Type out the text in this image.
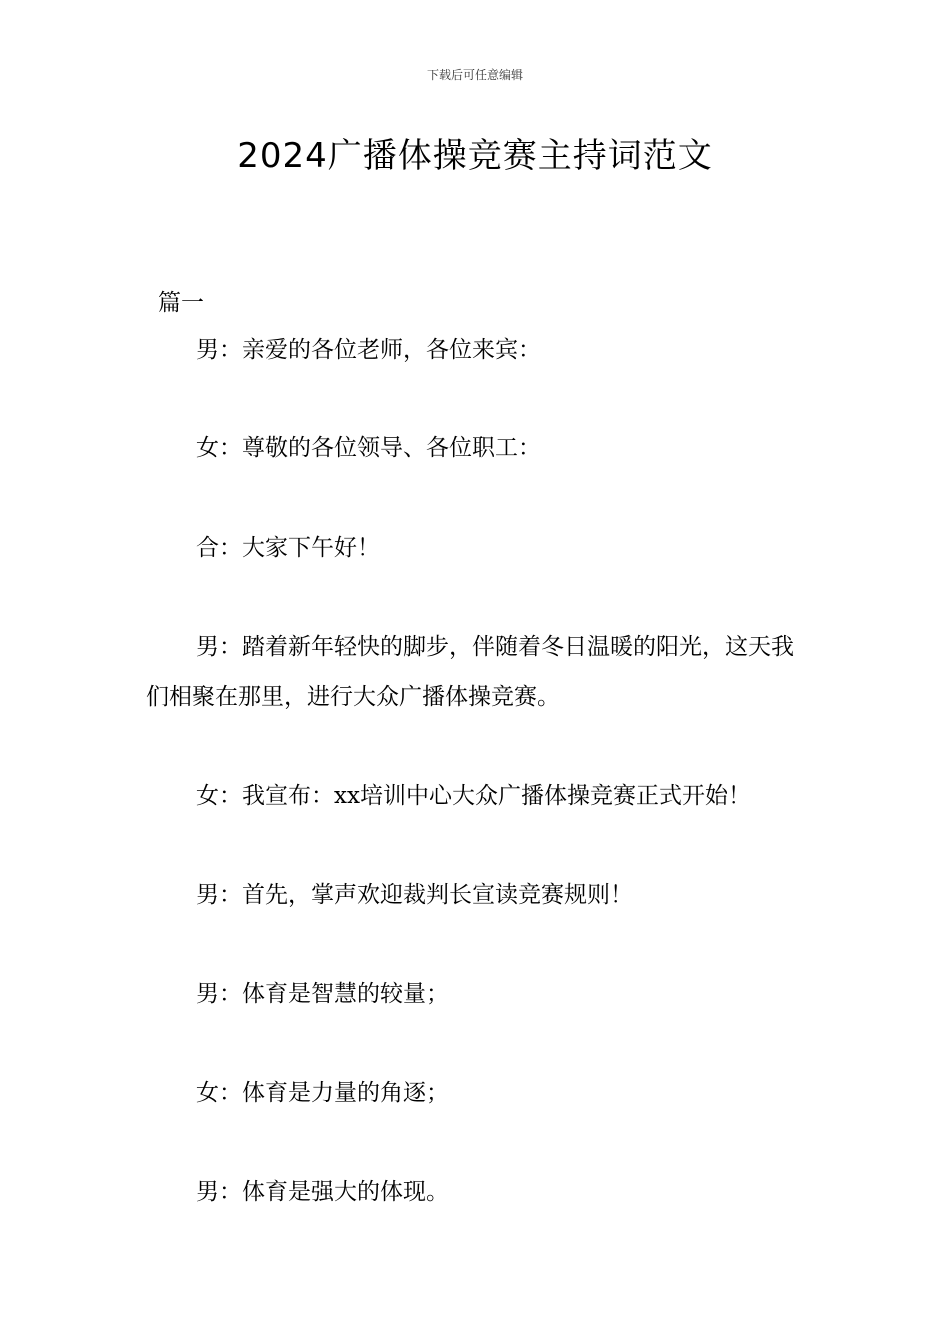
下载后可任意编辑
2024广播体操竞赛主持词范文
篇一

男：亲爱的各位老师，各位来宾：

女：尊敬的各位领导、各位职工：

合：大家下午好！

男：踏着新年轻快的脚步，伴随着冬日温暖的阳光，这天我们相聚在那里，进行大众广播体操竞赛。

女：我宣布：xx培训中心大众广播体操竞赛正式开始！

男：首先，掌声欢迎裁判长宣读竞赛规则！

男：体育是智慧的较量；

女：体育是力量的角逐；

男：体育是强大的体现。
